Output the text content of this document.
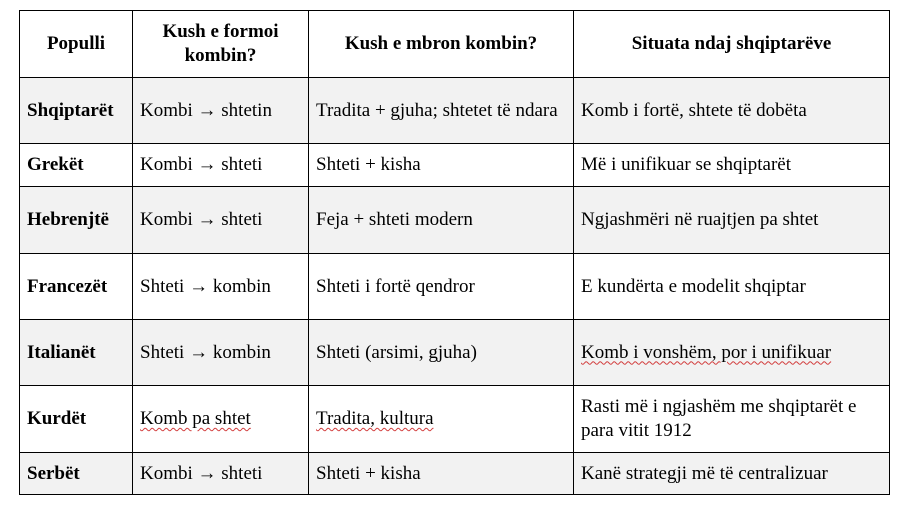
Populli	Kush e formoi kombin?	Kush e mbron kombin?	Situata ndaj shqiptarëve
Shqiptarët	Kombi → shtetin	Tradita + gjuha; shtetet të ndara	Komb i fortë, shtete të dobëta
Grekët	Kombi → shteti	Shteti + kisha	Më i unifikuar se shqiptarët
Hebrenjtë	Kombi → shteti	Feja + shteti modern	Ngjashmëri në ruajtjen pa shtet
Francezët	Shteti → kombin	Shteti i fortë qendror	E kundërta e modelit shqiptar
Italianët	Shteti → kombin	Shteti (arsimi, gjuha)	Komb i vonshëm, por i unifikuar
Kurdët	Komb pa shtet	Tradita, kultura	Rasti më i ngjashëm me shqiptarët e para vitit 1912
Serbët	Kombi → shteti	Shteti + kisha	Kanë strategji më të centralizuar
